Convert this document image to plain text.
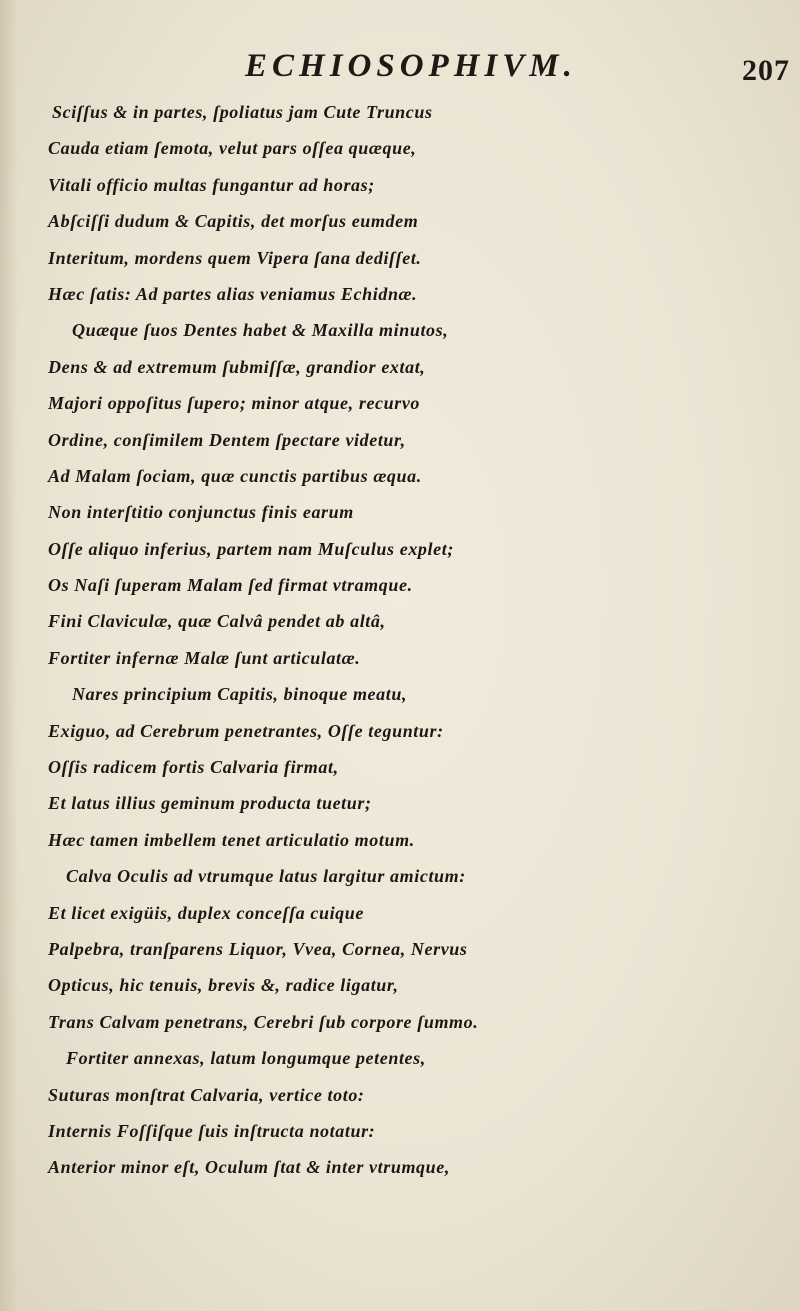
ECHIOSOPHIVM.	207
Sciſſus & in partes, ſpoliatus jam Cute Truncus
Cauda etiam ſemota, velut pars oſſea quæque,
Vitali officio multas fungantur ad horas;
Abſciſſi dudum & Capitis, det morſus eumdem
Interitum, mordens quem Vipera ſana dediſſet.
Hæc ſatis: Ad partes alias veniamus Echidnæ.
Quæque ſuos Dentes habet & Maxilla minutos,
Dens & ad extremum ſubmiſſæ, grandior extat,
Majori oppoſitus ſupero; minor atque, recurvo
Ordine, conſimilem Dentem ſpectare videtur,
Ad Malam ſociam, quæ cunctis partibus æqua.
Non interſtitio conjunctus finis earum
Oſſe aliquo inferius, partem nam Muſculus explet;
Os Naſi ſuperam Malam ſed firmat vtramque.
Fini Claviculæ, quæ Calvâ pendet ab altâ,
Fortiter infernæ Malæ ſunt articulatæ.
Nares principium Capitis, binoque meatu,
Exiguo, ad Cerebrum penetrantes, Oſſe teguntur:
Oſſis radicem fortis Calvaria firmat,
Et latus illius geminum producta tuetur;
Hæc tamen imbellem tenet articulatio motum.
Calva Oculis ad vtrumque latus largitur amictum:
Et licet exigüis, duplex conceſſa cuique
Palpebra, tranſparens Liquor, Vvea, Cornea, Nervus
Opticus, hic tenuis, brevis &, radice ligatur,
Trans Calvam penetrans, Cerebri ſub corpore ſummo.
Fortiter annexas, latum longumque petentes,
Suturas monſtrat Calvaria, vertice toto:
Internis Foſſiſque ſuis inſtructa notatur:
Anterior minor eſt, Oculum ſtat & inter vtrumque,
